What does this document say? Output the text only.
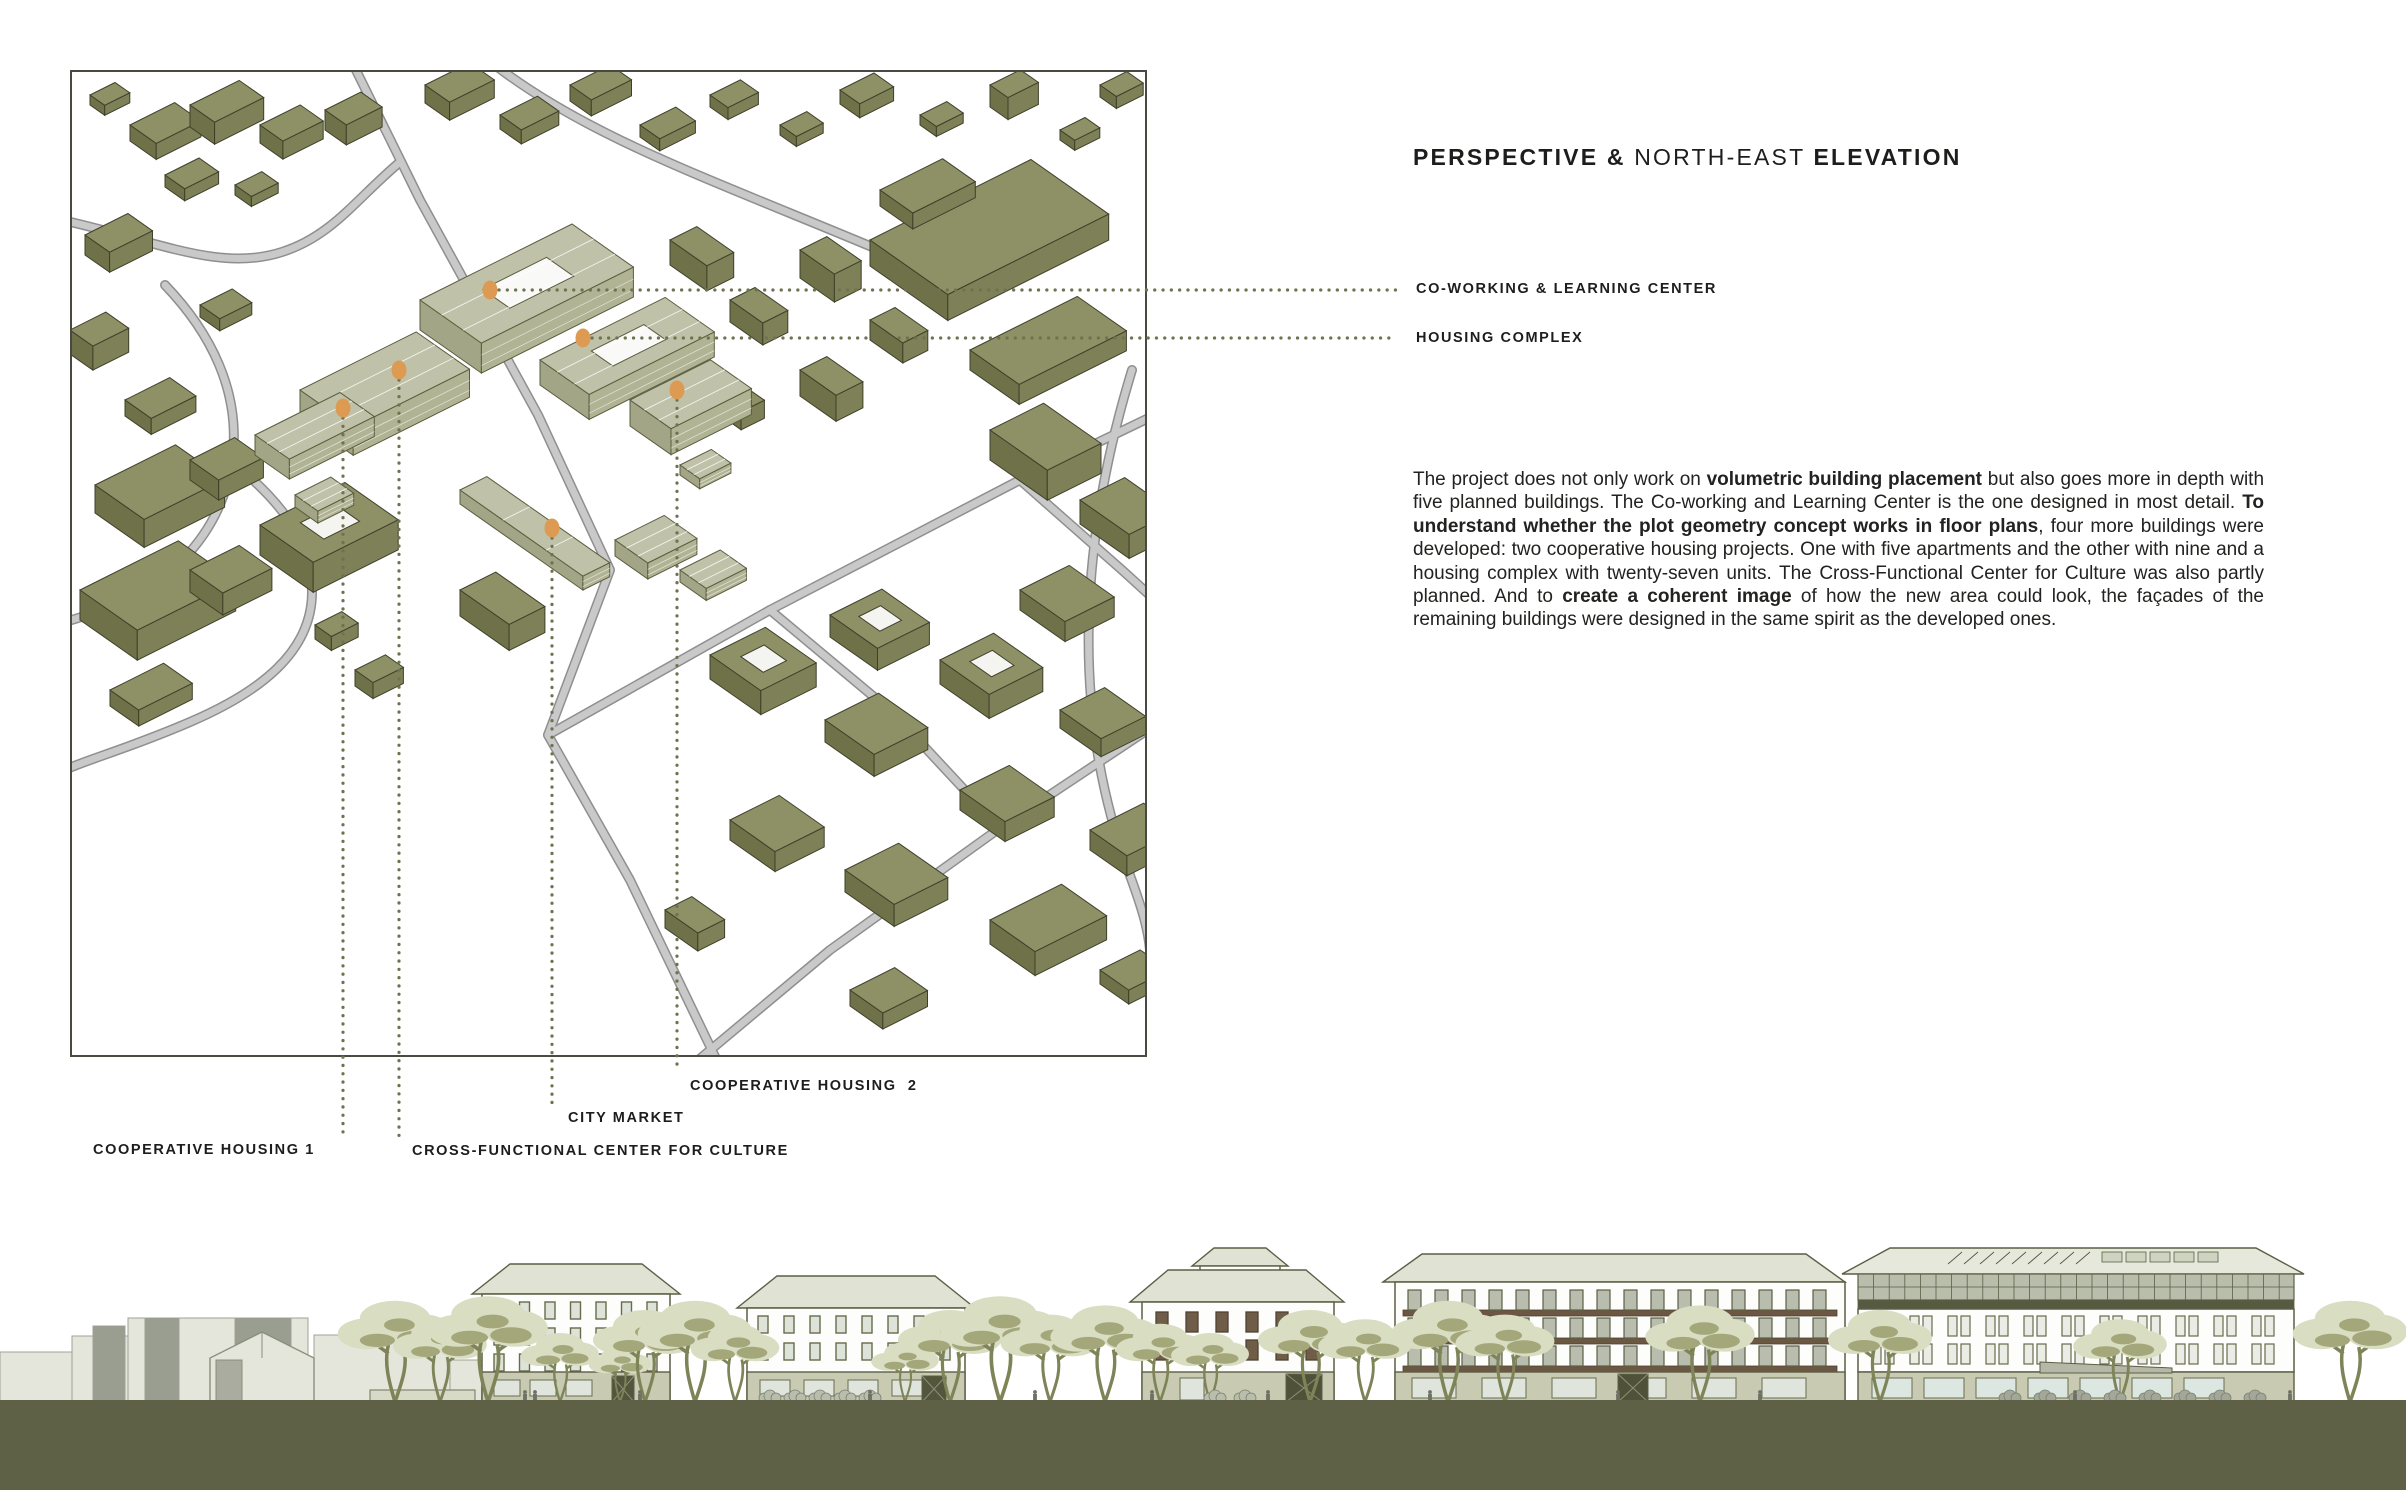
PERSPECTIVE & NORTH-EAST ELEVATION
CO-WORKING & LEARNING CENTER
HOUSING COMPLEX
COOPERATIVE HOUSING  2
CITY MARKET
COOPERATIVE HOUSING 1	CROSS-FUNCTIONAL CENTER FOR CULTURE

The project does not only work on volumetric building placement but also goes more in depth with five planned buildings. The Co-working and Learning Center is the one designed in most detail. To understand whether the plot geometry concept works in floor plans, four more buildings were developed: two cooperative housing projects. One with five apartments and the other with nine and a housing complex with twenty-seven units. The Cross-Functional Center for Culture was also partly planned. And to create a coherent image of how the new area could look, the façades of the remaining buildings were designed in the same spirit as the developed ones.
